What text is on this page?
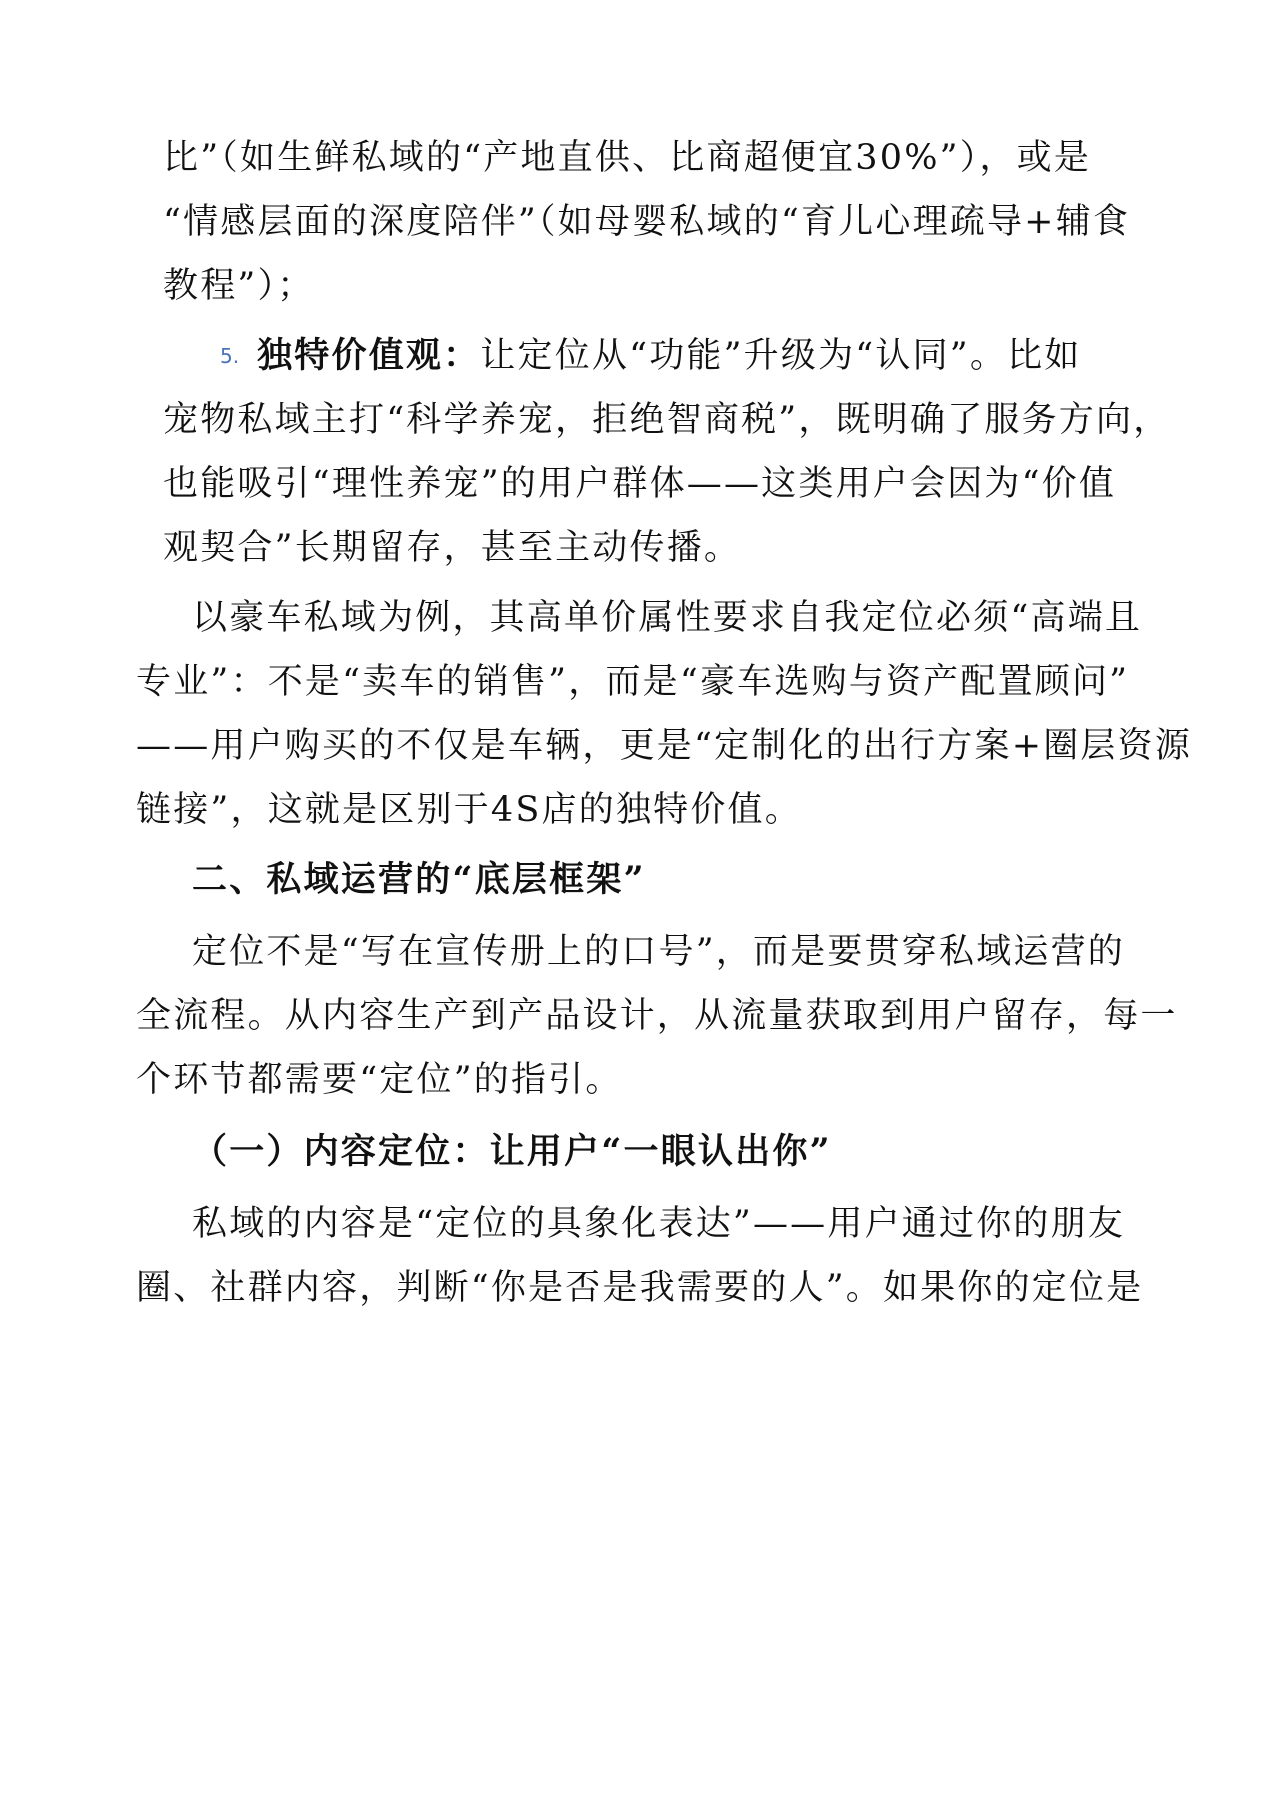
比”（如生鲜私域的“产地直供、比商超便宜30%”），或是
“情感层面的深度陪伴”（如母婴私域的“育儿心理疏导+辅食
教程”）；
5. 独特价值观：让定位从“功能”升级为“认同”。比如
宠物私域主打“科学养宠，拒绝智商税”，既明确了服务方向，
也能吸引“理性养宠”的用户群体——这类用户会因为“价值
观契合”长期留存，甚至主动传播。
以豪车私域为例，其高单价属性要求自我定位必须“高端且
专业”：不是“卖车的销售”，而是“豪车选购与资产配置顾问”
——用户购买的不仅是车辆，更是“定制化的出行方案+圈层资源
链接”，这就是区别于4S店的独特价值。
二、私域运营的“底层框架”
定位不是“写在宣传册上的口号”，而是要贯穿私域运营的
全流程。从内容生产到产品设计，从流量获取到用户留存，每一
个环节都需要“定位”的指引。
（一）内容定位：让用户“一眼认出你”
私域的内容是“定位的具象化表达”——用户通过你的朋友
圈、社群内容，判断“你是否是我需要的人”。如果你的定位是
